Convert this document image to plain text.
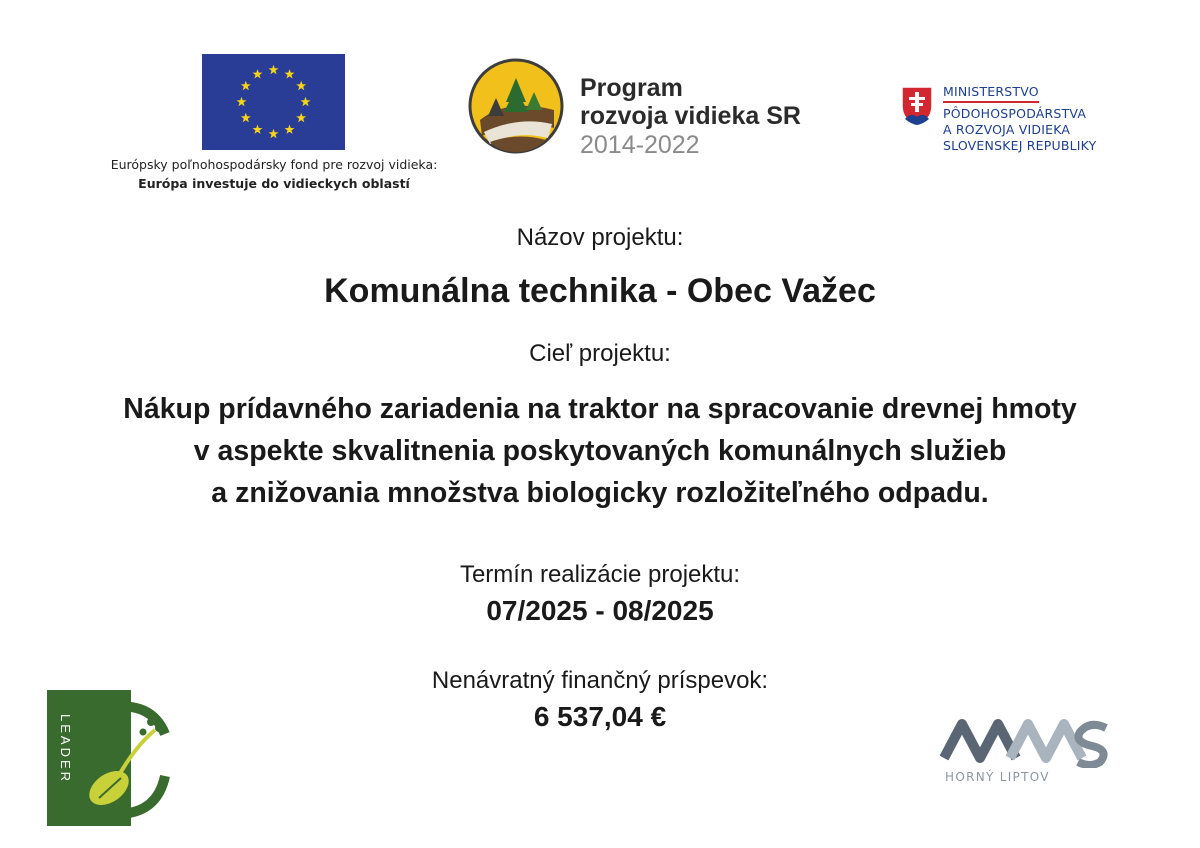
Európsky poľnohospodársky fond pre rozvoj vidieka:
Európa investuje do vidieckych oblastí
Program
rozvoja vidieka SR
2014-2022
MINISTERSTVO
PÔDOHOSPODÁRSTVA
A ROZVOJA VIDIEKA
SLOVENSKEJ REPUBLIKY
Názov projektu:
Komunálna technika - Obec Važec
Cieľ projektu:
Nákup prídavného zariadenia na traktor na spracovanie drevnej hmoty
v aspekte skvalitnenia poskytovaných komunálnych služieb
a znižovania množstva biologicky rozložiteľného odpadu.
Termín realizácie projektu:
07/2025 - 08/2025
Nenávratný finančný príspevok:
6 537,04 €
LEADER	HORNÝ LIPTOV
